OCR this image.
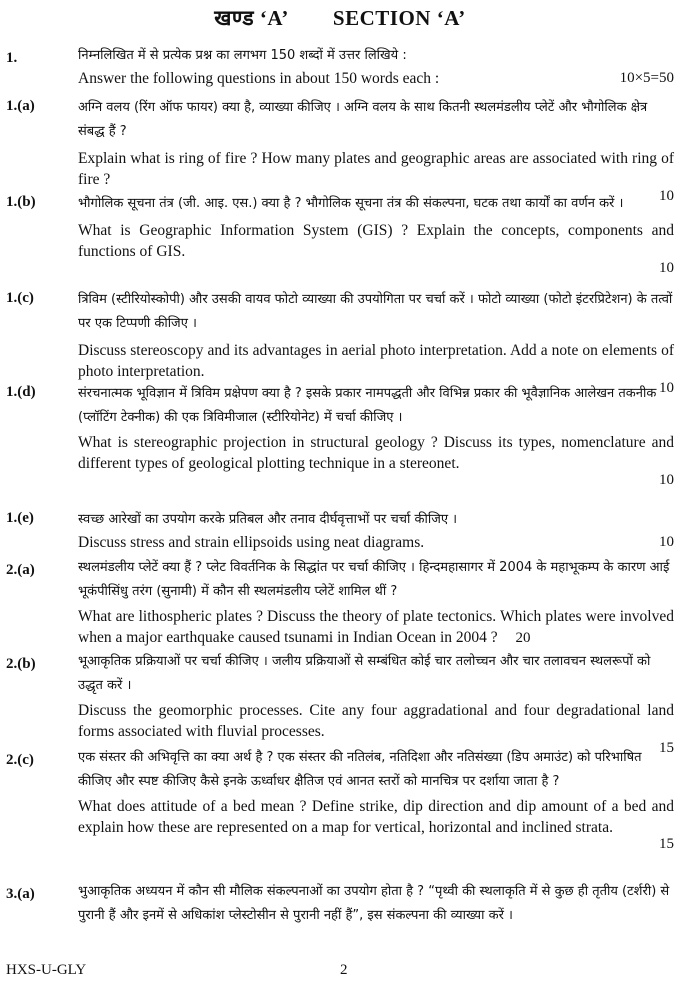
खण्ड ‘A’ SECTION ‘A’
1.	निम्नलिखित में से प्रत्येक प्रश्न का लगभग 150 शब्दों में उत्तर लिखिये :

10×5=50
Answer the following questions in about 150 words each :

1.(a)	अग्नि वलय (रिंग ऑफ फायर) क्या है, व्याख्या कीजिए । अग्नि वलय के साथ कितनी स्थलमंडलीय प्लेटें और भौगोलिक क्षेत्र संबद्ध हैं ?

Explain what is ring of fire ? How many plates and geographic areas are associated with ring of fire ?

10
1.(b)	भौगोलिक सूचना तंत्र (जी. आइ. एस.) क्या है ? भौगोलिक सूचना तंत्र की संकल्पना, घटक तथा कार्यों का वर्णन करें ।

What is Geographic Information System (GIS) ? Explain the concepts, components and functions of GIS.

10
1.(c)	त्रिविम (स्टीरियोस्कोपी) और उसकी वायव फोटो व्याख्या की उपयोगिता पर चर्चा करें । फोटो व्याख्या (फोटो इंटरप्रिटेशन) के तत्वों पर एक टिप्पणी कीजिए ।

Discuss stereoscopy and its advantages in aerial photo interpretation. Add a note on elements of photo interpretation.

10
1.(d)	संरचनात्मक भूविज्ञान में त्रिविम प्रक्षेपण क्या है ? इसके प्रकार नामपद्धती और विभिन्न प्रकार की भूवैज्ञानिक आलेखन तकनीक (प्लॉटिंग टेक्नीक) की एक त्रिविमीजाल (स्टीरियोनेट) में चर्चा कीजिए ।

What is stereographic projection in structural geology ? Discuss its types, nomenclature and different types of geological plotting technique in a stereonet.

10
1.(e)	स्वच्छ आरेखों का उपयोग करके प्रतिबल और तनाव दीर्घवृत्ताभों पर चर्चा कीजिए ।

10
Discuss stress and strain ellipsoids using neat diagrams.

2.(a)	स्थलमंडलीय प्लेटें क्या हैं ? प्लेट विवर्तनिक के सिद्धांत पर चर्चा कीजिए । हिन्दमहासागर में 2004 के महाभूकम्प के कारण आई भूकंपीसिंधु तरंग (सुनामी) में कौन सी स्थलमंडलीय प्लेटें शामिल थीं ?

What are lithospheric plates ? Discuss the theory of plate tectonics. Which plates were involved when a major earthquake caused tsunami in Indian Ocean in 2004 ? 20

2.(b)	भूआकृतिक प्रक्रियाओं पर चर्चा कीजिए । जलीय प्रक्रियाओं से सम्बंधित कोई चार तलोच्चन और चार तलावचन स्थलरूपों को उद्धृत करें ।

Discuss the geomorphic processes. Cite any four aggradational and four degradational land forms associated with fluvial processes.

15
2.(c)	एक संस्तर की अभिवृत्ति का क्या अर्थ है ? एक संस्तर की नतिलंब, नतिदिशा और नतिसंख्या (डिप अमाउंट) को परिभाषित कीजिए और स्पष्ट कीजिए कैसे इनके ऊर्ध्वाधर क्षैतिज एवं आनत स्तरों को मानचित्र पर दर्शाया जाता है ?

What does attitude of a bed mean ? Define strike, dip direction and dip amount of a bed and explain how these are represented on a map for vertical, horizontal and inclined strata.

15
3.(a)	भुआकृतिक अध्ययन में कौन सी मौलिक संकल्पनाओं का उपयोग होता है ? “पृथ्वी की स्थलाकृति में से कुछ ही तृतीय (टर्शरी) से पुरानी हैं और इनमें से अधिकांश प्लेस्टोसीन से पुरानी नहीं हैं”, इस संकल्पना की व्याख्या करें ।

HXS-U-GLY	2
